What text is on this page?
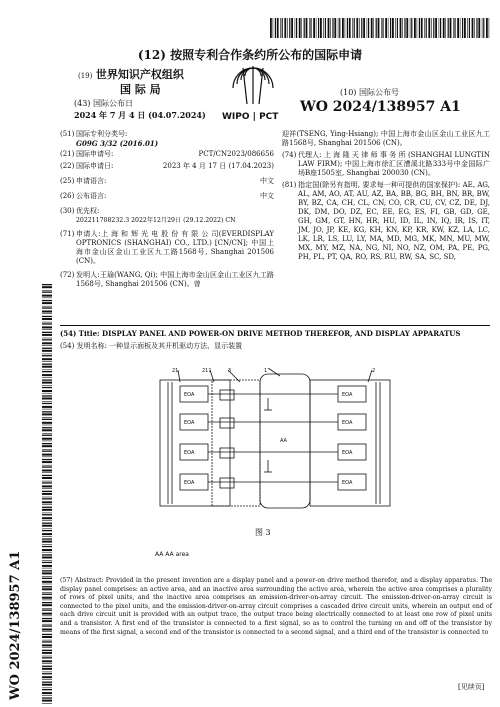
(12) 按照专利合作条约所公布的国际申请
(19) 世界知识产权组织
国 际 局
WIPO | PCT
(43) 国际公布日
2024 年 7 月 4 日 (04.07.2024)
(10) 国际公布号
WO 2024/138957 A1
(51) 国际专利分类号:
G09G 3/32 (2016.01)
(21) 国际申请号:	PCT/CN2023/086656
(22) 国际申请日:	2023 年 4 月 17 日 (17.04.2023)
(25) 申请语言:	中文
(26) 公布语言:	中文
(30) 优先权:
202211708232.3 2022年12月29日 (29.12.2022) CN
(71) 申请人:上 海 和 辉 光 电 股 份 有 限 公 司(EVERDISPLAY OPTRONICS (SHANGHAI) CO., LTD.) [CN/CN]; 中国上海市金山区金山工业区九工路1568号, Shanghai 201506 (CN)。
(72) 发明人:王瑜(WANG, Qi); 中国上海市金山区金山工业区九工路1568号, Shanghai 201506 (CN)。曾
迎祥(TSENG, Ying-Hsiang); 中国上海市金山区金山工业区九工路1568号, Shanghai 201506 (CN)。
(74) 代理人: 上 海 隆 天 律 师 事 务 所 (SHANGHAI LUNGTIN LAW FIRM); 中国上海市徐汇区漕溪北路333号中金国际广场B座1505室, Shanghai 200030 (CN)。
(81) 指定国(除另有指明, 要求每一种可提供的国家保护): AE, AG, AL, AM, AO, AT, AU, AZ, BA, BB, BG, BH, BN, BR, BW, BY, BZ, CA, CH, CL, CN, CO, CR, CU, CV, CZ, DE, DJ, DK, DM, DO, DZ, EC, EE, EG, ES, FI, GB, GD, GE, GH, GM, GT, HN, HR, HU, ID, IL, IN, IQ, IR, IS, IT, JM, JO, JP, KE, KG, KH, KN, KP, KR, KW, KZ, LA, LC, LK, LR, LS, LU, LY, MA, MD, MG, MK, MN, MU, MW, MX, MY, MZ, NA, NG, NI, NO, NZ, OM, PA, PE, PG, PH, PL, PT, QA, RO, RS, RU, RW, SA, SC, SD,
(54) Title: DISPLAY PANEL AND POWER-ON DRIVE METHOD THEREFOR, AND DISPLAY APPARATUS
(54) 发明名称: 一种显示面板及其开机驱动方法、显示装置
21	211	3	1	2
AA
EOA
EOA
EOA
EOA
EOA
EOA
EOA
EOA
图 3
AA AA area
(57) Abstract: Provided in the present invention are a display panel and a power-on drive method therefor, and a display apparatus. The display panel comprises: an active area, and an inactive area surrounding the active area, wherein the active area comprises a plurality of rows of pixel units, and the inactive area comprises an emission-driver-on-array circuit. The emission-driver-on-array circuit is connected to the pixel units, and the emission-driver-on-array circuit comprises a cascaded drive circuit units, wherein an output end of each drive circuit unit is provided with an output trace, the output trace being electrically connected to at least one row of pixel units and a transistor. A first end of the transistor is connected to a first signal, so as to control the turning on and off of the transistor by means of the first signal, a second end of the transistor is connected to a second signal, and a third end of the transistor is connected to
[见续页]
WO 2024/138957 A1
